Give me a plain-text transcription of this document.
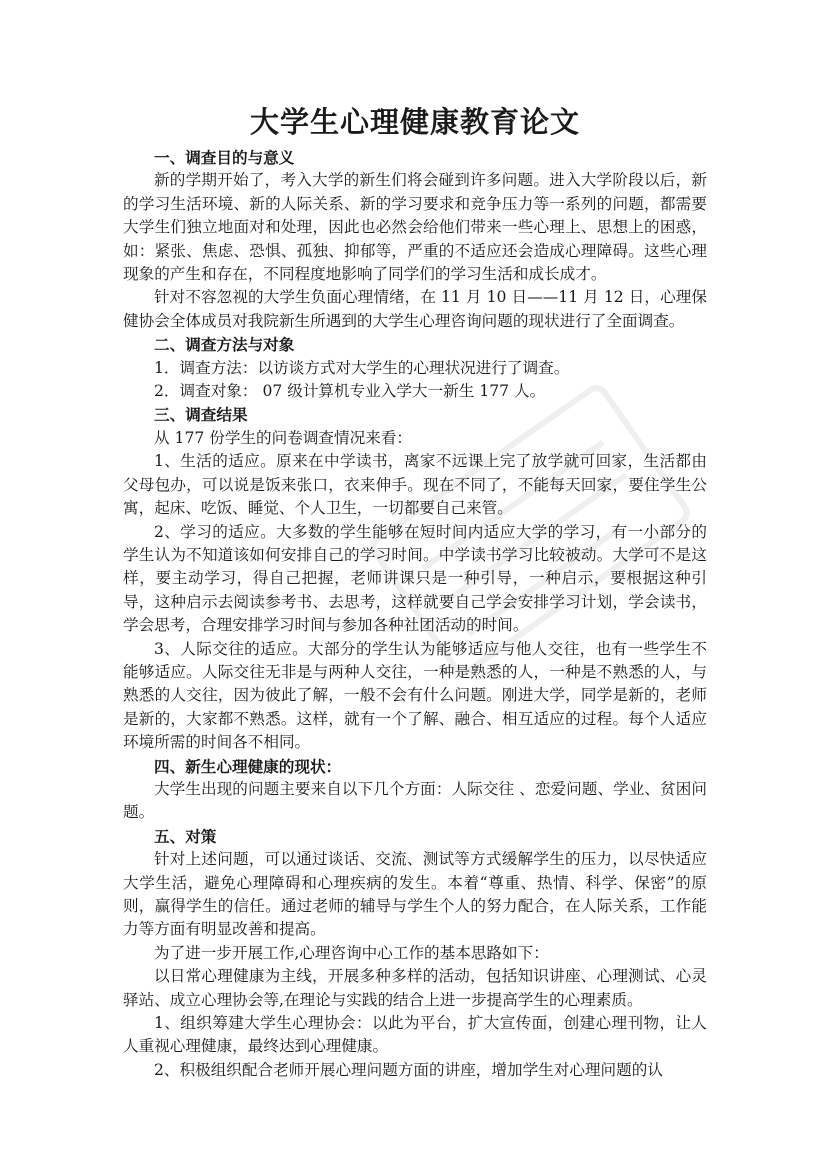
大学生心理健康教育论文
一、调查目的与意义
新的学期开始了，考入大学的新生们将会碰到许多问题。进入大学阶段以后，新的学习生活环境、新的人际关系、新的学习要求和竞争压力等一系列的问题，都需要大学生们独立地面对和处理，因此也必然会给他们带来一些心理上、思想上的困惑，如：紧张、焦虑、恐惧、孤独、抑郁等，严重的不适应还会造成心理障碍。这些心理现象的产生和存在，不同程度地影响了同学们的学习生活和成长成才。
针对不容忽视的大学生负面心理情绪，在 11 月 10 日——11 月 12 日，心理保健协会全体成员对我院新生所遇到的大学生心理咨询问题的现状进行了全面调查。
二、调查方法与对象
1．调查方法：以访谈方式对大学生的心理状况进行了调查。
2．调查对象： 07 级计算机专业入学大一新生 177 人。
三、调查结果
从 177 份学生的问卷调查情况来看：
1、生活的适应。原来在中学读书，离家不远课上完了放学就可回家，生活都由父母包办，可以说是饭来张口，衣来伸手。现在不同了，不能每天回家，要住学生公寓，起床、吃饭、睡觉、个人卫生，一切都要自己来管。
2、学习的适应。大多数的学生能够在短时间内适应大学的学习，有一小部分的学生认为不知道该如何安排自己的学习时间。中学读书学习比较被动。大学可不是这样，要主动学习，得自己把握，老师讲课只是一种引导，一种启示，要根据这种引导，这种启示去阅读参考书、去思考，这样就要自己学会安排学习计划，学会读书，学会思考，合理安排学习时间与参加各种社团活动的时间。
3、人际交往的适应。大部分的学生认为能够适应与他人交往，也有一些学生不能够适应。人际交往无非是与两种人交往，一种是熟悉的人，一种是不熟悉的人，与熟悉的人交往，因为彼此了解，一般不会有什么问题。刚进大学，同学是新的，老师是新的，大家都不熟悉。这样，就有一个了解、融合、相互适应的过程。每个人适应环境所需的时间各不相同。
四、新生心理健康的现状：
大学生出现的问题主要来自以下几个方面：人际交往 、恋爱问题、学业、贫困问题。
五、对策
针对上述问题，可以通过谈话、交流、测试等方式缓解学生的压力，以尽快适应大学生活，避免心理障碍和心理疾病的发生。本着“尊重、热情、科学、保密”的原则，赢得学生的信任。通过老师的辅导与学生个人的努力配合，在人际关系，工作能力等方面有明显改善和提高。
为了进一步开展工作,心理咨询中心工作的基本思路如下：
以日常心理健康为主线，开展多种多样的活动，包括知识讲座、心理测试、心灵驿站、成立心理协会等,在理论与实践的结合上进一步提高学生的心理素质。
1、组织筹建大学生心理协会：以此为平台，扩大宣传面，创建心理刊物，让人人重视心理健康，最终达到心理健康。
2、积极组织配合老师开展心理问题方面的讲座，增加学生对心理问题的认
